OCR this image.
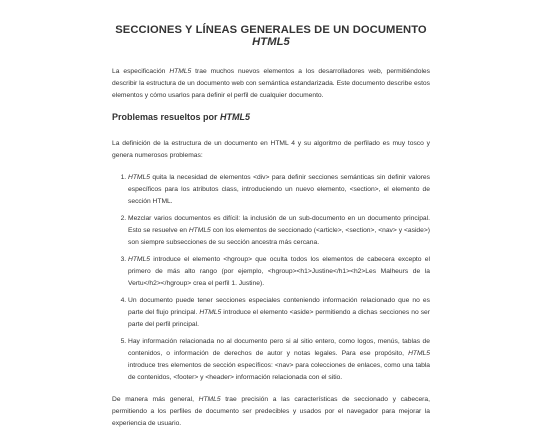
SECCIONES Y LÍNEAS GENERALES DE UN DOCUMENTO HTML5

La especificación HTML5 trae muchos nuevos elementos a los desarrolladores web, permitiéndoles describir la estructura de un documento web con semántica estandarizada. Este documento describe estos elementos y cómo usarlos para definir el perfil de cualquier documento.

Problemas resueltos por HTML5

La definición de la estructura de un documento en HTML 4 y su algoritmo de perfilado es muy tosco y genera numerosos problemas:

1. HTML5 quita la necesidad de elementos <div> para definir secciones semánticas sin definir valores específicos para los atributos class, introduciendo un nuevo elemento, <section>, el elemento de sección HTML.
2. Mezclar varios documentos es difícil: la inclusión de un sub-documento en un documento principal. Esto se resuelve en HTML5 con los elementos de seccionado (<article>, <section>, <nav> y <aside>) son siempre subsecciones de su sección ancestra más cercana.
3. HTML5 introduce el elemento <hgroup> que oculta todos los elementos de cabecera excepto el primero de más alto rango (por ejemplo, <hgroup><h1>Justine</h1><h2>Les Malheurs de la Vertu</h2></hgroup> crea el perfil 1. Justine).
4. Un documento puede tener secciones especiales conteniendo información relacionado que no es parte del flujo principal. HTML5 introduce el elemento <aside> permitiendo a dichas secciones no ser parte del perfil principal.
5. Hay información relacionada no al documento pero si al sitio entero, como logos, menús, tablas de contenidos, o información de derechos de autor y notas legales. Para ese propósito, HTML5 introduce tres elementos de sección específicos: <nav> para colecciones de enlaces, como una tabla de contenidos, <footer> y <header> información relacionada con el sitio.

De manera más general, HTML5 trae precisión a las características de seccionado y cabecera, permitiendo a los perfiles de documento ser predecibles y usados por el navegador para mejorar la experiencia de usuario.
